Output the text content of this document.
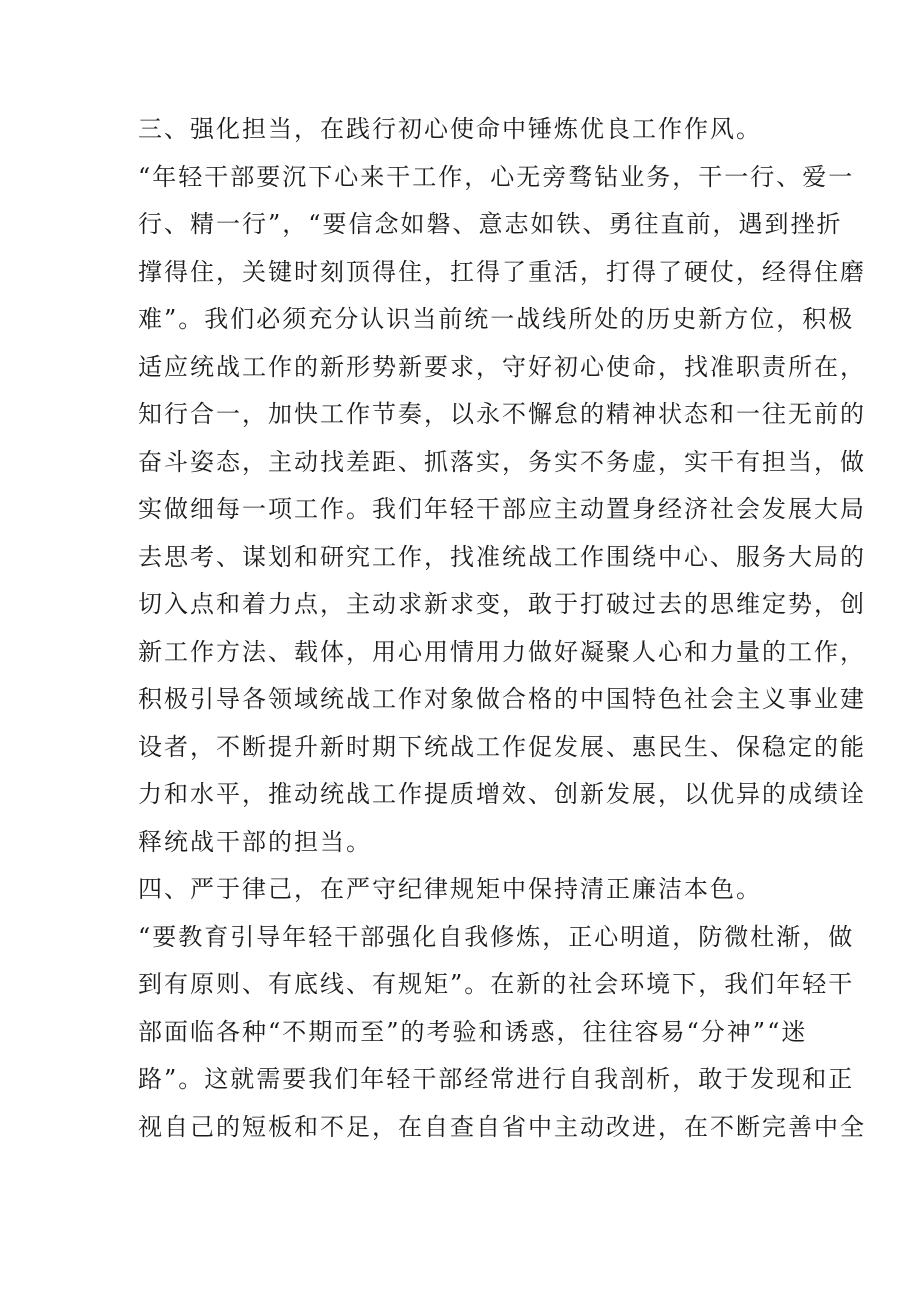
三、强化担当，在践行初心使命中锤炼优良工作作风。
“年轻干部要沉下心来干工作，心无旁骛钻业务，干一行、爱一
行、精一行”，“要信念如磐、意志如铁、勇往直前，遇到挫折
撑得住，关键时刻顶得住，扛得了重活，打得了硬仗，经得住磨
难”。我们必须充分认识当前统一战线所处的历史新方位，积极
适应统战工作的新形势新要求，守好初心使命，找准职责所在，
知行合一，加快工作节奏，以永不懈怠的精神状态和一往无前的
奋斗姿态，主动找差距、抓落实，务实不务虚，实干有担当，做
实做细每一项工作。我们年轻干部应主动置身经济社会发展大局
去思考、谋划和研究工作，找准统战工作围绕中心、服务大局的
切入点和着力点，主动求新求变，敢于打破过去的思维定势，创
新工作方法、载体，用心用情用力做好凝聚人心和力量的工作，
积极引导各领域统战工作对象做合格的中国特色社会主义事业建
设者，不断提升新时期下统战工作促发展、惠民生、保稳定的能
力和水平，推动统战工作提质增效、创新发展，以优异的成绩诠
释统战干部的担当。
四、严于律己，在严守纪律规矩中保持清正廉洁本色。
“要教育引导年轻干部强化自我修炼，正心明道，防微杜渐，做
到有原则、有底线、有规矩”。在新的社会环境下，我们年轻干
部面临各种“不期而至”的考验和诱惑，往往容易“分神”“迷
路”。这就需要我们年轻干部经常进行自我剖析，敢于发现和正
视自己的短板和不足，在自查自省中主动改进，在不断完善中全
